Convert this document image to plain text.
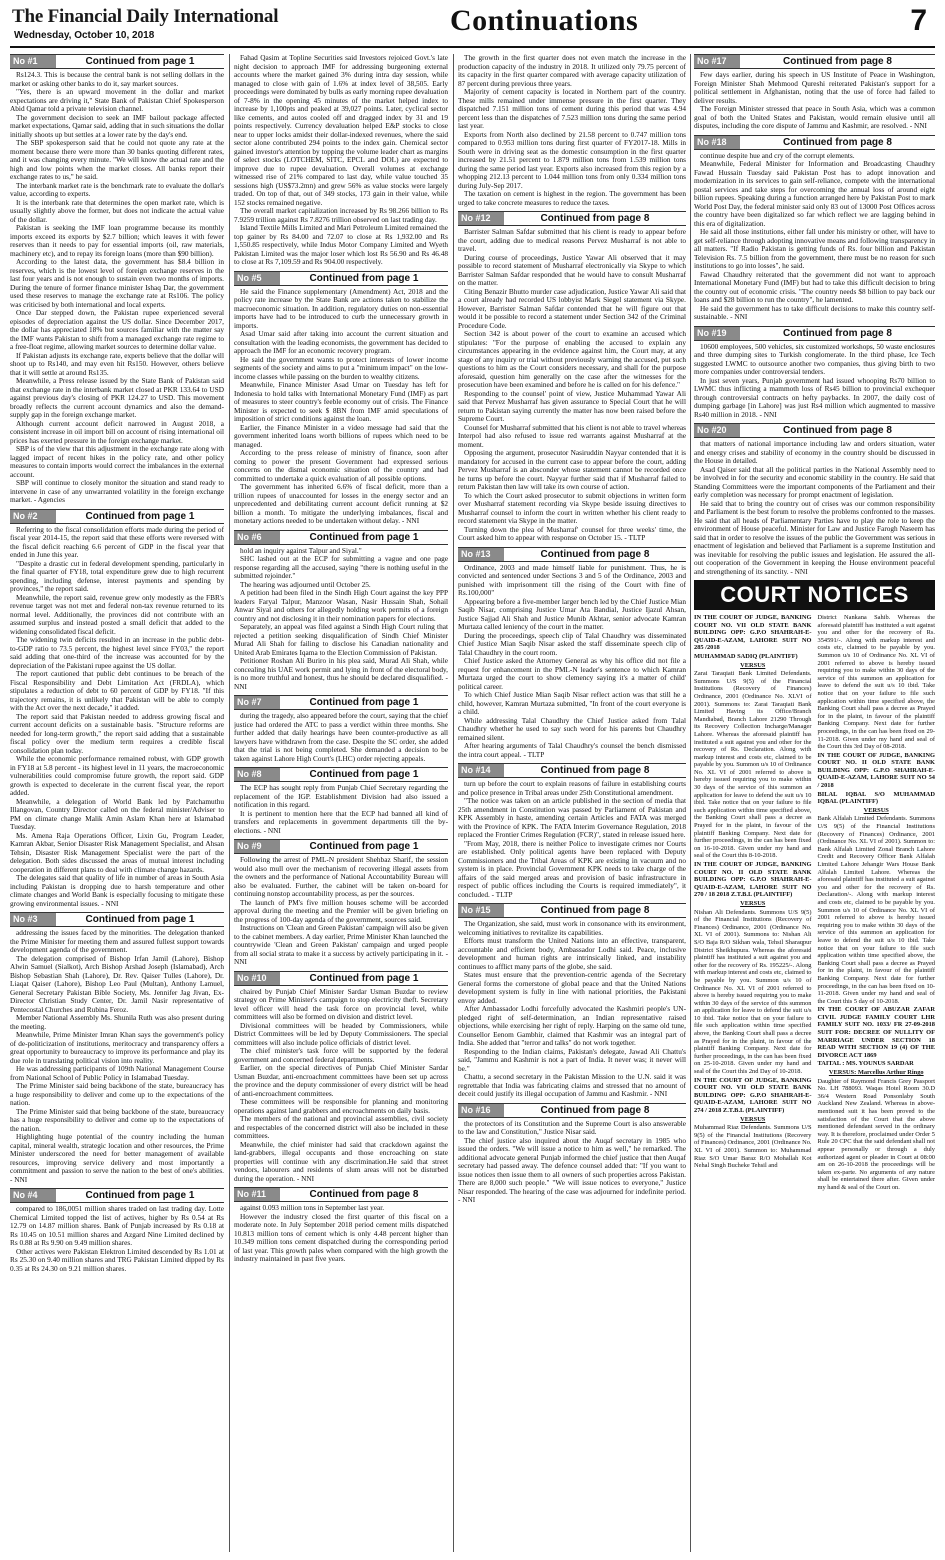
The Financial Daily International
Wednesday, October 10, 2018	Continuations	7
No #1	Continued from page 1

Rs124.3. This is because the central bank is not selling dollars in the market or asking other banks to do it, say market sources.

"Yes, there is an upward movement in the dollar and market expectations are driving it," State Bank of Pakistan Chief Spokesperson Abid Qamar told a private television channel.

The government decision to seek an IMF bailout package affected market expectations, Qamar said, adding that in such situations the dollar initially shoots up but settles at a lower rate by the day's end.

The SBP spokesperson said that he could not quote any rate at the moment because there were more than 30 banks quoting different rates, and it was changing every minute. "We will know the actual rate and the high and low points when the market closes. All banks report their exchange rates to us," he said.

The interbank market rate is the benchmark rate to evaluate the dollar's value, according to experts.

It is the interbank rate that determines the open market rate, which is usually slightly above the former, but does not indicate the actual value of the dollar.

Pakistan is seeking the IMF loan programme because its monthly imports exceed its exports by $2.7 billion; which leaves it with fewer reserves than it needs to pay for essential imports (oil, raw materials, machinery etc), and to repay its foreign loans (more than $90 billion).

According to the latest data, the government has $8.4 billion in reserves, which is the lowest level of foreign exchange reserves in the last four years and is not enough to sustain even two months of imports. During the tenure of former finance minister Ishaq Dar, the government used these reserves to manage the exchange rate at Rs106. The policy was criticised by both international and local experts.

Once Dar stepped down, the Pakistan rupee experienced several episodes of depreciation against the US dollar. Since December 2017, the dollar has appreciated 18% but sources familiar with the matter say the IMF wants Pakistan to shift from a managed exchange rate regime to a free-float regime, allowing market sources to determine dollar value.

If Pakistan adjusts its exchange rate, experts believe that the dollar will shoot up to Rs140, and may even hit Rs150. However, others believe that it will settle at around Rs135.

Meanwhile, a Press release issued by the State Bank of Pakistan said that exchange rate in the interbank market closed at PKR 133.64 to USD against previous day's closing of PKR 124.27 to USD. This movement broadly reflects the current account dynamics and also the demand-supply gap in the foreign exchange market.

Although current account deficit narrowed in August 2018, a consistent increase in oil import bill on account of rising international oil prices has exerted pressure in the foreign exchange market.

SBP is of the view that this adjustment in the exchange rate along with lagged impact of recent hikes in the policy rate, and other policy measures to contain imports would correct the imbalances in the external account.

SBP will continue to closely monitor the situation and stand ready to intervene in case of any unwarranted volatility in the foreign exchange market. - Agencies

No #2	Continued from page 1

Referring to the fiscal consolidation efforts made during the period of fiscal year 2014-15, the report said that these efforts were reversed with the fiscal deficit reaching 6.6 percent of GDP in the fiscal year that ended in June this year.

"Despite a drastic cut in federal development spending, particularly in the final quarter of FY18, total expenditure grew due to high recurrent spending, including defense, interest payments and spending by provinces," the report said.

Meanwhile, the report said, revenue grew only modestly as the FBR's revenue target was not met and federal non-tax revenue returned to its normal level. Additionally, the provinces did not contribute with an assumed surplus and instead posted a small deficit that added to the widening consolidated fiscal deficit.

The widening twin deficits resulted in an increase in the public debt-to-GDP ratio to 73.5 percent, the highest level since FY03," the report said adding that one-third of the increase was accounted for by the depreciation of the Pakistani rupee against the US dollar.

The report cautioned that public debt continues to be breach of the Fiscal Responsibility and Debt Limitation Act (FRDLA), which stipulates a reduction of debt to 60 percent of GDP by FY18. "If this trajectory remains, it is unlikely that Pakistan will be able to comply with the Act over the next decade," it added.

The report said that Pakistan needed to address growing fiscal and current account deficits on a sustainable basis. "Structure reforms are needed for long-term growth," the report said adding that a sustainable fiscal policy over the medium term requires a credible fiscal consolidation plan today.

While the economic performance remained robust, with GDP growth in FY18 at 5.8 percent - its highest level in 11 years, the macroeconomic vulnerabilities could compromise future growth, the report said. GDP growth is expected to decelerate in the current fiscal year, the report added.

Meanwhile, a delegation of World Bank led by Patchamuthu Illangovan, Country Director called on the federal minister/Adviser to PM on climate change Malik Amin Aslam Khan here at Islamabad Tuesday.

Ms. Amena Raja Operations Officer, Lixin Gu, Program Leader, Kamran Akbar, Senior Disaster Risk Management Specialist, and Ahsan Tehsin, Disaster Risk Management Specialist were the part of the delegation. Both sides discussed the areas of mutual interest including cooperation in different plans to deal with climate change hazards.

The delegates said that quality of life in number of areas in South Asia including Pakistan is dropping due to harsh temperature and other climate changes and World Bank is especially focusing to mitigate these growing environmental issues. - NNI

No #3	Continued from page 1

addressing the issues faced by the minorities. The delegation thanked the Prime Minister for meeting them and assured fullest support towards development agenda of the government.

The delegation comprised of Bishop Irfan Jamil (Lahore), Bishop Alwin Samuel (Sialkot), Arch Bishop Arshad Joseph (Islamabad), Arch Bishop Sebastian Shah (Lahore), Dr. Rev. Qaiser Tulles (Lahore), Dr. Liaqat Qaiser (Lahore), Bishop Leo Paul (Multan), Anthony Lamuel, General Secretary Pakistan Bible Society, Ms. Jennifer Jag Jivan, Ex-Director Christian Study Center, Dr. Jamil Nasir representative of Pentecostal Churches and Rubina Feroz.

Member National Assembly Ms. Shunila Ruth was also present during the meeting.

Meanwhile, Prime Minister Imran Khan says the government's policy of de-politicization of institutions, meritocracy and transparency offers a great opportunity to bureaucracy to improve its performance and play its due role in translating political vision into reality.

He was addressing participants of 109th National Management Course from National School of Public Policy in Islamabad Tuesday.

The Prime Minister said being backbone of the state, bureaucracy has a huge responsibility to deliver and come up to the expectations of the nation.

The Prime Minister said that being backbone of the state, bureaucracy has a huge responsibility to deliver and come up to the expectations of the nation.

Highlighting huge potential of the country including the human capital, mineral wealth, strategic location and other resources, the Prime Minister underscored the need for better management of available resources, improving service delivery and most importantly a commitment and passion to serve the nation to the best of one's abilities. - NNI

No #4	Continued from page 1

compared to 186,0051 million shares traded on last trading day. Lotte Chemical Limited topped the list of actives, higher by Rs 0.54 at Rs 12.79 on 14.87 million shares. Bank of Punjab increased by Rs 0.18 at Rs 10.45 on 10.51 million shares and Azgard Nine Limited declined by Rs 0.88 at Rs 9.90 on 9.49 million shares.

Other actives were Pakistan Elektron Limited descended by Rs 1.01 at Rs 25.30 on 9.40 million shares and TRG Pakistan Limited dipped by Rs 0.35 at Rs 24.30 on 9.21 million shares.

Fahad Qasim at Topline Securities said Investors rejoiced Govt.'s late night decision to approach IMF for addressing burgeoning external accounts where the market gained 3% during intra day session, while managed to close with gain of 1.6% at index level of 38,505. Early proceedings were dominated by bulls as early morning rupee devaluation of 7-8% in the opening 45 minutes of the market helped index to increase by 1,100pts and peaked at 39,027 points. Later, cyclical sector like cements, and autos cooled off and dragged index by 31 and 19 points respectively. Currency devaluation helped E&P stocks to close near to upper locks amidst their dollar-indexed revenues, where the said sector alone contributed 294 points to the index gain. Chemical sector gained investor's attention by topping the volume leader chart as margins of select stocks (LOTCHEM, SITC, EPCL and DOL) are expected to improve due to rupee devaluation. Overall volumes at exchange witnessed rise of 21% compared to last day, while value touched 35 sessions high (US$73.2mn) and grew 56% as value stocks were largely traded. On top of that, out of 349 stocks, 173 gain in their value, while 152 stocks remained negative.

The overall market capitalization increased by Rs 98.266 billion to Rs 7.9259 trillion against Rs 7.8276 trillion observed on last trading day.

Island Textile Mills Limited and Mari Petroleum Limited remained the top gainer by Rs 84.00 and 72.07 to close at Rs 1,932.00 and Rs 1,550.85 respectively, while Indus Motor Company Limited and Wyeth Pakistan Limited was the major loser which lost Rs 56.90 and Rs 46.48 to close at Rs 7,109.59 and Rs 904.00 respectively.

No #5	Continued from page 1

He said the Finance supplementary (Amendment) Act, 2018 and the policy rate increase by the State Bank are actions taken to stabilize the macroeconomic situation. In addition, regulatory duties on non-essential imports have had to be introduced to curb the unnecessary growth in imports.

Asad Umar said after taking into account the current situation and consultation with the leading economists, the government has decided to approach the IMF for an economic recovery program.

He said the government wants to protect interests of lower income segments of the society and aims to put a "minimum impact" on the low-income classes while passing on the burden to wealthy citizens.

Meanwhile, Finance Minister Asad Umar on Tuesday has left for Indonesia to hold talks with International Monetary Fund (IMF) as part of measures to steer country's feeble economy out of crisis. The Finance Minister is expected to seek $ 8BN from IMF amid speculations of imposition of strict conditions against the loan.

Earlier, the Finance Minister in a video message had said that the government inherited loans worth billions of rupees which need to be managed.

According to the press release of ministry of finance, soon after coming to power the present Government had expressed serious concerns on the dismal economic situation of the country and had committed to undertake a quick evaluation of all possible options.

The government has inherited 6.6% of fiscal deficit, more than a trillion rupees of unaccounted for losses in the energy sector and an unprecedented and debilitating current account deficit running at $2 billion a month. To mitigate the underlying imbalances, fiscal and monetary actions needed to be undertaken without delay. - NNI

No #6	Continued from page 1

hold an inquiry against Talpur and Siyal."

SHC lashed out at the ECP for submitting a vague and one page response regarding all the accused, saying "there is nothing useful in the submitted rejoinder."

The hearing was adjourned until October 25.

A petition had been filed in the Sindh High Court against the key PPP leaders Faryal Talpur, Manzoor Wasan, Nasir Hussain Shah, Sohail Anwar Siyal and others for allegedly holding work permits of a foreign country and not disclosing it in their nomination papers for elections.

Separately, an appeal was filed against a Sindh High Court ruling that rejected a petition seeking disqualification of Sindh Chief Minister Murad Ali Shah for failing to disclose his Canadian nationality and United Arab Emirates Iqama to the Election Commission of Pakistan.

Petitioner Roshan Ali Buriro in his plea said, Murad Ali Shah, while concealing his UAE work permit and lying in front of the electoral body, is no more truthful and honest, thus he should be declared disqualified. - NNI

No #7	Continued from page 1

during the tragedy, also appeared before the court, saying that the chief justice had ordered the ATC to pass a verdict within three months. She further added that daily hearings have been counter-productive as all lawyers have withdrawn from the case. Despite the SC order, she added that the trial is not being completed. She demanded a decision to be taken against Lahore High Court's (LHC) order rejecting appeals.

No #8	Continued from page 1

The ECP has sought reply from Punjab Chief Secretary regarding the replacement of the IGP. Establishment Division had also issued a notification in this regard.

It is pertinent to mention here that the ECP had banned all kind of transfers and replacements in government departments till the by-elections. - NNI

No #9	Continued from page 1

Following the arrest of PML-N president Shehbaz Sharif, the session would also mull over the mechanism of recovering illegal assets from the owners and the performance of National Accountability Bureau will also be evaluated. Further, the cabinet will be taken on-board for continuing nonstop accountability process, as per the sources.

The launch of PM's five million houses scheme will be accorded approval during the meeting and the Premier will be given briefing on the progress of 100-day agenda of the government, sources said.

Instructions on 'Clean and Green Pakistan' campaign will also be given to the cabinet members. A day earlier, Prime Minister Khan launched the countrywide 'Clean and Green Pakistan' campaign and urged people from all social strata to make it a success by actively participating in it. - NNI

No #10	Continued from page 1

chaired by Punjab Chief Minister Sardar Usman Buzdar to review strategy on Prime Minister's campaign to stop electricity theft. Secretary level officer will head the task force on provincial level, while committees will also be formed on division and district level.

Divisional committees will be headed by Commissioners, while District Committees will be led by Deputy Commissioners. The special committees will also include police officials of district level.

The chief minister's task force will be supported by the federal government and concerned federal departments.

Earlier, on the special directives of Punjab Chief Minister Sardar Usman Buzdar, anti-encroachment committees have been set up across the province and the deputy commissioner of every district will be head of anti-encroachment committees.

These committees will be responsible for planning and monitoring operations against land grabbers and encroachments on daily basis.

The members of the national and provincial assemblies, civil society and respectables of the concerned district will also be included in these committees.

Meanwhile, the chief minister had said that crackdown against the land-grabbers, illegal occupants and those encroaching on state properties will continue with any discrimination.He said that street vendors, labourers and residents of slum areas will not be disturbed during the operation. - NNI

No #11	Continued from page 8

against 0.093 million tons in September last year.

However the industry closed the first quarter of this fiscal on a moderate note. In July September 2018 period cement mills dispatched 10.813 million tons of cement which is only 4.48 percent higher than 10.349 million tons cement dispatched during the corresponding period of last year. This growth pales when compared with the high growth the industry maintained in past five years.

The growth in the first quarter does not even match the increase in the production capacity of the industry in 2018. It utilized only 79.75 percent of its capacity in the first quarter compared with average capacity utilization of 87 percent during previous three years.

Majority of cement capacity is located in Northern part of the country. These mills remained under immense pressure in the first quarter. They dispatched 7.151 million tons of cement during this period that was 4.94 percent less than the dispatches of 7.523 million tons during the same period last year.

Exports from North also declined by 21.58 percent to 0.747 million tons compared to 0.953 million tons during first quarter of FY2017-18. Mills in South were in driving seat as the domestic consumption in the first quarter increased by 21.51 percent to 1.879 million tons from 1.539 million tons during the same period last year. Exports also increased from this region by a whopping 212.13 percent to 1.044 million tons from only 0.334 million tons during July-Sep 2017.

The taxation on cement is highest in the region. The government has been urged to take concrete measures to reduce the taxes.

No #12	Continued from page 8

Barrister Salman Safdar submitted that his client is ready to appear before the court, adding due to medical reasons Pervez Musharraf is not able to travel.

During course of proceedings, Justice Yawar Ali observed that it may possible to record statement of Musharraf electronically via Skype to which Barrister Salman Safdar responded that he would have to consult Musharraf on the matter.

Citing Benazir Bhutto murder case adjudication, Justice Yawar Ali said that a court already had recorded US lobbyist Mark Siegel statement via Skype. However, Barrister Salman Safdar contended that he will figure out that would it be possible to record a statement under Section 342 of the Criminal Procedure Code.

Section 342 is about power of the court to examine an accused which stipulates: "For the purpose of enabling the accused to explain any circumstances appearing in the evidence against him, the Court may, at any stage of any inquiry or trial without previously warning the accused, put such questions to him as the Court considers necessary, and shall for the purpose aforesaid, question him generally on the case after the witnesses for the prosecution have been examined and before he is called on for his defence."

Responding to the counsel' point of view, Justice Muhammad Yawar Ali said that Pervez Musharraf has given assurance to Special Court that he will return to Pakistan saying currently the matter has now been raised before the Supreme Court.

Counsel for Musharraf submitted that his client is not able to travel whereas Interpol had also refused to issue red warrants against Musharraf at the moment.

Opposing the argument, prosecutor Nasiruddin Nayyar contended that it is mandatory for accused in the current case to appear before the court, adding Pervez Musharraf is an absconder whose statement cannot be recorded once he turns up before the court. Nayyar further said that if Musharraf failed to return Pakistan then law will take its own course of action.

To which the Court asked prosecutor to submit objections in written form over Musharraf statement recording via Skype beside issuing directives to Musharraf counsel to inform the court in written whether his client ready to record statement via Skype in the matter.

Turning down the plea of Musharraf' counsel for three weeks' time, the Court asked him to appear with response on October 15. - TLTP

No #13	Continued from page 8

Ordinance, 2003 and made himself liable for punishment. Thus, he is convicted and sentenced under Sections 3 and 5 of the Ordinance, 2003 and punished with imprisonment till the rising of the Court with fine of Rs.100,000"

Appearing before a five-member larger bench led by the Chief Justice Mian Saqib Nisar, comprising Justice Umar Ata Bandial, Justice Ijazul Ahsan, Justice Sajjad Ali Shah and Justice Munib Akhtar, senior advocate Kamran Murtaza called leniency of the court in the matter.

During the proceedings, speech clip of Talal Chaudhry was disseminated Chief Justice Mian Saqib Nisar asked the staff disseminate speech clip of Talal Chaudhry in the court room.

Chief Justice asked the Attorney General as why his office did not file a request for enhancement in the PML-N leader's sentence to which Kamran Murtaza urged the court to show clemency saying it's a matter of child' political career.

To which Chief Justice Mian Saqib Nisar reflect action was that still he a child, however, Kamran Murtaza submitted, "In front of the court everyone is a child.

While addressing Talal Chaudhry the Chief Justice asked from Talal Chaudhry whether he used to say such word for his parents but Chaudhry remained silent.

After hearing arguments of Talal Chaudhry's counsel the bench dismissed the intra court appeal. - TLTP

No #14	Continued from page 8

turn up before the court to explain reasons of failure in establishing courts and police presence in Tribal areas under 25th Constitutional amendment.

"The notice was taken on an article published in the section of media that 25th amendment in Constitution was passed by Parliament of Pakistan and KPK Assembly in haste, amending certain Articles and FATA was merged with the Province of KPK. The FATA Interim Governance Regulation, 2018 replaced the Frontier Crimes Regulation (FCR)", stated in release issued here.

"From May, 2018, there is neither Police to investigate crimes nor Courts are established. Only political agents have been replaced with Deputy Commissioners and the Tribal Areas of KPK are existing in vacuum and no system is in place. Provincial Government KPK needs to take charge of the affairs of the said merged areas and provision of basic infrastructure in respect of public offices including the Courts is required immediately", it concluded. - TLTP

No #15	Continued from page 8

The Organization, she said, must work in consonance with its environment, welcoming initiatives to revitalize its capabilities.

Efforts must transform the United Nations into an effective, transparent, accountable and efficient body, Ambassador Lodhi said. Peace, inclusive development and human rights are intrinsically linked, and instability continues to afflict many parts of the globe, she said.

States must ensure that the prevention-centric agenda of the Secretary General forms the cornerstone of global peace and that the United Nations development system is fully in line with national priorities, the Pakistani envoy added.

After Ambassador Lodhi forcefully advocated the Kashmiri people's UN-pledged right of self-determination, an Indian representative raised objections, while exercising her right of reply. Harping on the same old tune, Counsellor Eenom Gambhir, claimed that Kashmir was an integral part of India. She added that "terror and talks" do not work together.

Responding to the Indian claims, Pakistan's delegate, Jawad Ali Chattu's said, "Jammu and Kashmir is not a part of India. It never was; it never will be."

Chattu, a second secretary in the Pakistan Mission to the U.N. said it was regrettable that India was fabricating claims and stressed that no amount of deceit could justify its illegal occupation of Jammu and Kashmir. - NNI

No #16	Continued from page 8

the protectors of its Constitution and the Supreme Court is also answerable to the law and Constitution," Justice Nisar said.

The chief justice also inquired about the Auqaf secretary in 1985 who issued the orders. "We will issue a notice to him as well," he remarked. The additional advocate general Punjab informed the chief justice that then Auqaf secretary had passed away. The defence counsel added that: "If you want to issue notices then issue them to all owners of such properties across Pakistan. There are 8,000 such people." "We will issue notices to everyone," Justice Nisar responded. The hearing of the case was adjourned for indefinite period. - NNI

No #17	Continued from page 8

Few days earlier, during his speech in US Institute of Peace in Washington, Foreign Minister Shah Mehmood Qureshi reiterated Pakistan's support for a political settlement in Afghanistan, noting that the use of force had failed to deliver results.

The Foreign Minister stressed that peace in South Asia, which was a common goal of both the United States and Pakistan, would remain elusive until all disputes, including the core dispute of Jammu and Kashmir, are resolved. - NNI

No #18	Continued from page 8

continue despite hue and cry of the corrupt elements.

Meanwhile, Federal Minister for Information and Broadcasting Chaudhry Fawad Hussain Tuesday said Pakistan Post has to adopt innovation and modernization in its services to gain self-reliance, compete with the international postal services and take steps for overcoming the annual loss of around eight billion rupees. Speaking during a function arranged here by Pakistan Post to mark World Post Day, the federal minister said only 83 out of 13000 Post Offices across the country have been digitalized so far which reflect we are lagging behind in this era of digitalization.

He said all those institutions, either fall under his ministry or other, will have to get self-reliance through adopting innovative means and following transparency in all matters. "If Radio Pakistan is getting funds of Rs. four billion and Pakistan Television Rs. 7.5 billion from the government, there must be no reason for such institutions to go into losses", he said.

Fawad Chaudhry reiterated that the government did not want to approach International Monetary Fund (IMF) but had to take this difficult decision to bring the country out of economic crisis. "The country needs $8 billion to pay back our loans and $28 billion to run the country", he lamented.

He said the government has to take difficult decisions to make this country self-sustainable. - NNI

No #19	Continued from page 8

10600 employees, 500 vehicles, six customized workshops, 50 waste enclosures and three dumping sites to Turkish conglomerate. In the third phase, Ice Tech suggested LWMC to outsource another two companies, thus giving birth to two more companies under controversial tenders.

In just seven years, Punjab government had issued whooping Rs70 billion to LWMC thus inflicting a mammoth loss of Rs45 billion to provincial exchequer through controversial contracts on hefty paybacks. In 2007, the daily cost of dumping garbage [in Lahore] was just Rs4 million which augmented to massive Rs40 million in 2018. - NNI

No #20	Continued from page 8

that matters of national importance including law and orders situation, water and energy crises and stability of economy in the country should be discussed in the House in detailed.

Asad Qaiser said that all the political parties in the National Assembly need to be involved in for the security and economic stability in the country. He said that Standing Committees were the important components of the Parliament and their early completion was necessary for prompt enactment of legislation.

He said that to bring the country out of crises was our common responsibility and Parliament is the best forum to resolve the problems confronted to the masses. He said that all heads of Parliamentary Parties have to play the role to keep the environment of House peaceful. Minister for Law and Justice Farogh Naseem has said that in order to resolve the issues of the public the Government was serious in enactment of legislation and believed that Parliament is a supreme Institution and was inevitable for resolving the public issues and legislation. He assured the all-out cooperation of the Government in keeping the House environment peaceful and strengthening of its sanctity. - NNI

COURT NOTICES

IN THE COURT OF JUDGE, BANKING COURT NO. VII OLD STATE BANK BUILDING OPP: G.P.O SHAHRAH-E-QUAID-E-AZAM, LAHORE SUIT NO 285 /2018

MUHAMMAD SADIQ (PLAINTIFF)

VERSUS

Zarai Taraqiati Bank Limited Defendants. Summons U/S 9(5) of the Financial Institutions (Recovery of Finances) Ordinance, 2001 (Ordinance No. XLVI of 2001). Summons to: Zarai Taraqiati Bank Limited Having its Office/Branch Mandiabad, Branch Lahore 21290 Through its Recovery Collection Incharge/Manager Lahore. Whereas the aforesaid plaintiff has instituted a suit against you and other for the recovery of Rs. Declaration. Along with markup interest and costs etc, claimed to be payable by you. Summon u/s 10 of Ordinance No. XL VI of 2001 referred to above is hereby issued requiring you to make within 30 days of the service of this summon an application for leave to defend the suit u/s 10 ibid. Take notice that on your failure to file such application within time specified above, the Banking Court shall pass a decree as Prayed for in the plaint, in favour of the plaintiff Banking Company. Next date for further proceedings, in the can has been fixed on 16-10-2018. Given under my hand and seal of the Court this 8-10-2018.

IN THE COURT OF JUDGE, BANKING COURT NO. II OLD STATE BANK BUILDING OPP: G.P.O SHAHRAH-E-QUAID-E-AZAM, LAHORE SUIT NO 270 / 18 2018 Z.T.B.L (PLAINTIFF)

VERSUS

Nishan Ali Defendants. Summons U/S 9(5) of the Financial Institutions (Recovery of Finances) Ordinance, 2001 (Ordinance No. XL VI of 2001). Summons to: Nishan Ali S/O Baja R/O Sikhan wala, Tehsil Sharaqpur District Sheikhupura. Whereas the aforesaid plaintiff has instituted a suit against you and other for the recovery of Rs. 195225/-. Along with markup interest and costs etc, claimed to be payable by you. Summon u/s 10 of Ordinance No. XL VI of 2001 referred to above is hereby issued requiring you to make within 30 days of the service of this summon an application for leave to defend the suit u/s 10 ibid. Take notice that on your failure to file such application within time specified above, the Banking Court shall pass a decree as Prayed for in the plaint, in favour of the plaintiff Banking Company. Next date for further proceedings, in the can has been fixed on 25-10-2018. Given under my hand and seal of the Court this 2nd Day of 10-2018.

IN THE COURT OF JUDGE, BANKING COURT NO. VII OLD STATE BANK BUILDING OPP: G.P.O SHAHRAH-E-QUAID-E-AZAM, LAHORE SUIT NO 274 / 2018 Z.T.B.L (PLAINTIFF)

VERSUS

Muhammad Riaz Defendants. Summons U/S 9(5) of the Financial Institutions (Recovery of Finances) Ordinance, 2001 (Ordinance No. XL VI of 2001). Summon to: Muhammad Riaz S/O Umar Baraz R/O Mohallah Kot Nehal Singh Bucheke Tehsil and

District Nankana Sahib. Whereas the aforesaid plaintiff has instituted a suit against you and other for the recovery of Rs. 354591/-. Along with markup interest and costs etc, claimed to be payable by you. Summon u/s 10 of Ordinance No. XL VI of 2001 referred to above is hereby issued requiring you to make within 30 days of the service of this summon an application for leave to defend the suit u/s 10 ibid. Take notice that on your failure to file such application within time specified above, the Banking Court shall pass a decree as Prayed for in the plaint, in favour of the plaintiff Banking Company. Next date for further proceedings, in the can has been fixed on 29-11-2018. Given under my hand and seal of the Court this 3rd Day of 08-2018.

IN THE COURT OF JUDGE, BANKING COURT NO. II OLD STATE BANK BUILDING OPP: G.P.O SHAHRAH-E-QUAID-E-AZAM, LAHORE SUIT NO 54 / 2018

BILAL IQBAL S/O MUHAMMAD IQBAL (PLAINTIFF)

VERSUS

Bank Alfalah Limited Defendants. Summons U/S 9(5) of the Financial Institutions (Recovery of Finances) Ordinance, 2001 (Ordinance No. XL VI of 2001). Summon to: Bank Alfalah Limited Zonal Branch Lahore Credit and Recovery Officer Bank Alfalah Limited Lahore Jehangir Wars House Bank Alfalah Limited Lahore. Whereas the aforesaid plaintiff has instituted a suit against you and other for the recovery of Rs. Declaration/-. Along with markup interest and costs etc, claimed to be payable by you. Summon u/s 10 of Ordinance No. XL VI of 2001 referred to above is hereby issued requiring you to make within 30 days of the service of this summon an application for leave to defend the suit u/s 10 ibid. Take notice that on your failure to file such application within time specified above, the Banking Court shall pass a decree as Prayed for in the plaint, in favour of the plaintiff Banking Company. Next date for further proceedings, in the can has been fixed on 10-11-2018. Given under my hand and seal of the Court this 5 day of 10-2018.

IN THE COURT OF ABUZAR ZAFAR CIVIL JUDGE FAMILY COURT LHR FAMILY SUIT NO. 1033/ FR 27-09-2018 SUIT FOR: DECREE OF NULLITY OF MARRIAGE UNDER SECTION 18 READ WITH SECTION 19 (4) OF THE DIVORCE ACT 1869

TAITAL : MS. YOUNUS SARDAR

VERSUS: Marcellus Arthur Ringo

Daughter of Raymond Francis Grey Passport No. LH 788093. Waqas Hotel Room 30.D 36/4 Western Road Ponsonlaby South Auckland New Zealand. Whereas in above-mentioned suit it has been proved to the satisfaction of the Court that the above mentioned defendant served in the ordinary way. It is therefore, proclaimed under Order 5 Rule 20 CPC that the said defendant shall not appear personally or through a duly authorized agent or pleader in Court at 08:00 am on 26-10-2018 the proceedings will be taken ex-parte. No arguments of any nature shall be entertained there after. Given under my hand & seal of the Court on.
